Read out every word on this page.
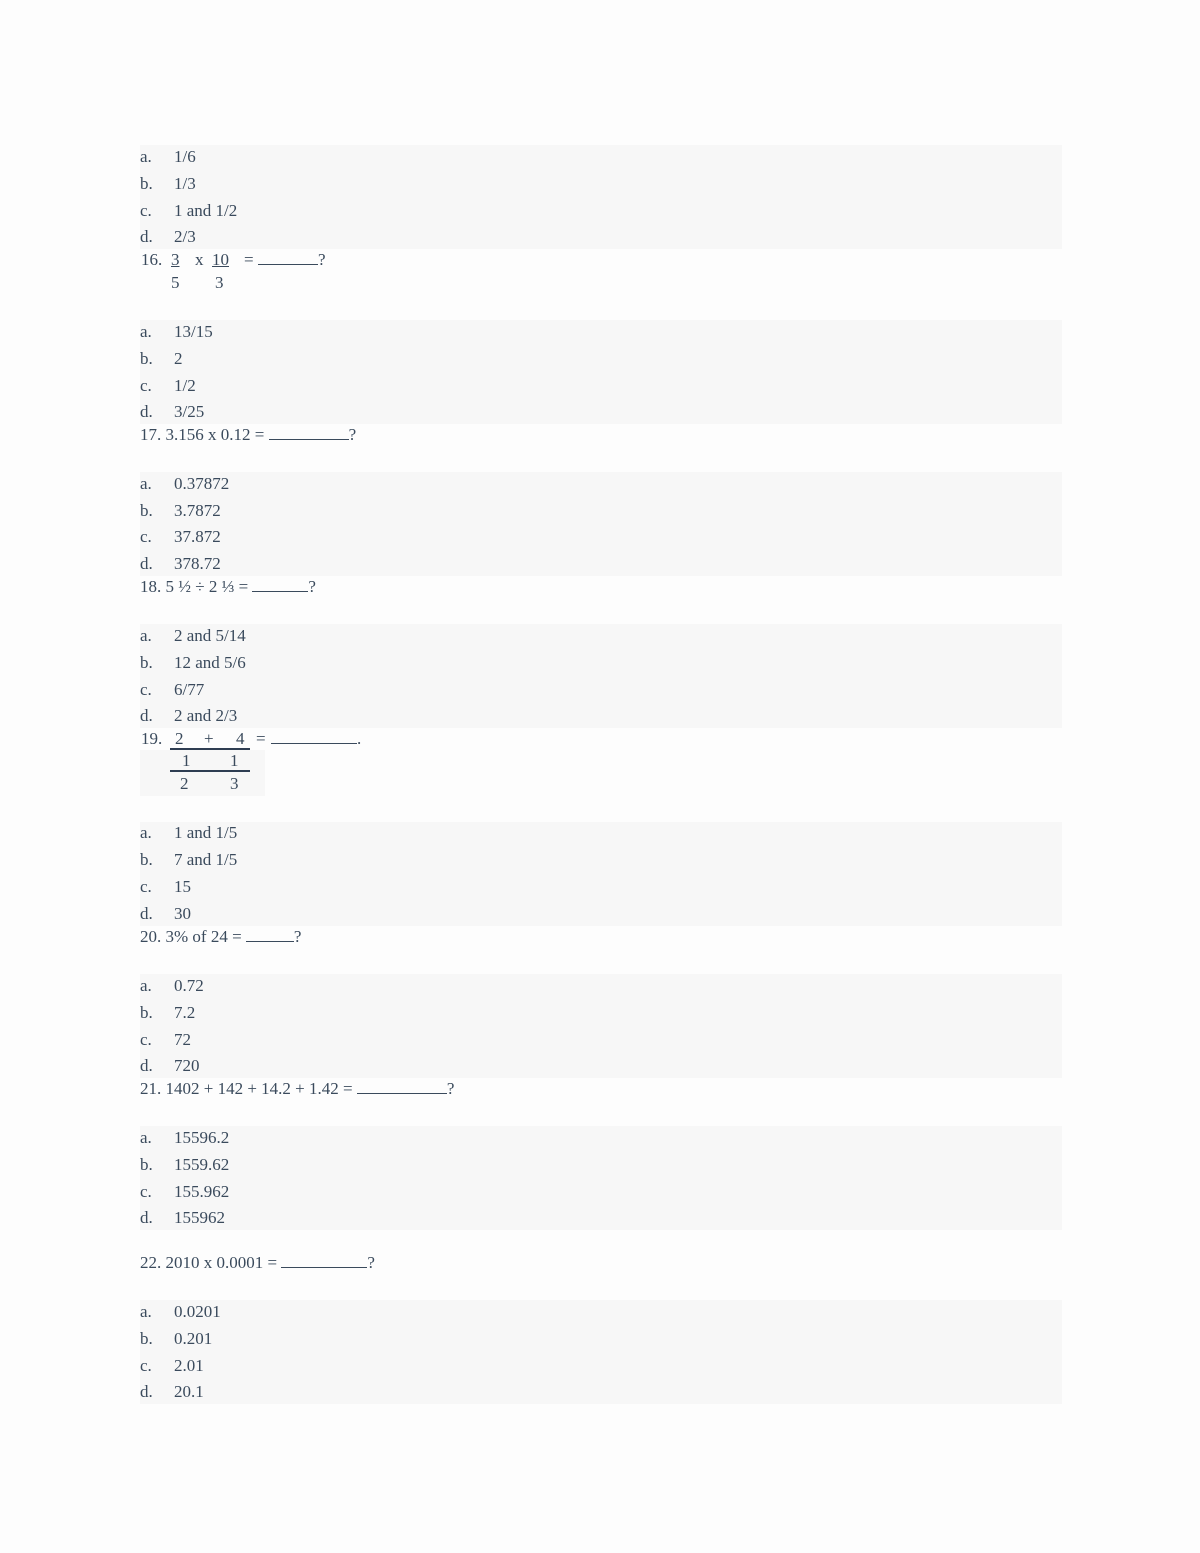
a.	1/6
b.	1/3
c.	1 and 1/2
d.	2/3
16. 3 x 10 =	?
5 3
a.	13/15
b.	2
c.	1/2
d.	3/25
17. 3.156 x 0.12 =	?
a.	0.37872
b.	3.7872
c.	37.872
d.	378.72
18. 5 ½ ÷ 2 ⅓ =	?
a.	2 and 5/14
b.	12 and 5/6
c.	6/77
d.	2 and 2/3
19. 2 + 4 =	.
1 1
2 3
a.	1 and 1/5
b.	7 and 1/5
c.	15
d.	30
20. 3% of 24 =	?
a.	0.72
b.	7.2
c.	72
d.	720
21. 1402 + 142 + 14.2 + 1.42 =	?
a.	15596.2
b.	1559.62
c.	155.962
d.	155962
22. 2010 x 0.0001 =	?
a.	0.0201
b.	0.201
c.	2.01
d.	20.1
